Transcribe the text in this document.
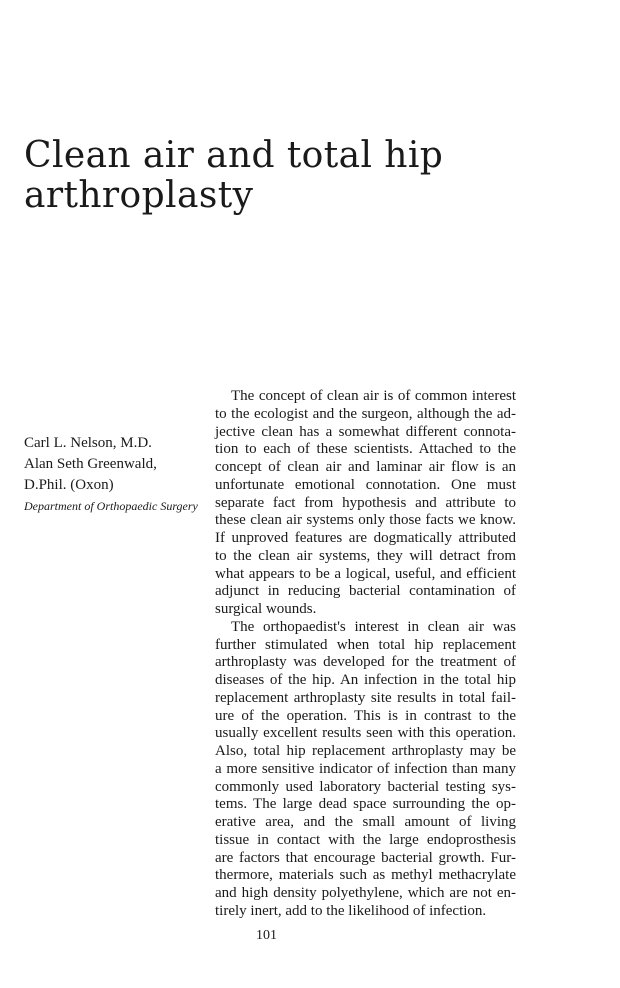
Clean air and total hip
arthroplasty
Carl L. Nelson, M.D.
Alan Seth Greenwald,
D.Phil. (Oxon)
Department of Orthopaedic Surgery
The concept of clean air is of common interest
to the ecologist and the surgeon, although the ad-
jective clean has a somewhat different connota-
tion to each of these scientists. Attached to the
concept of clean air and laminar air flow is an
unfortunate emotional connotation. One must
separate fact from hypothesis and attribute to
these clean air systems only those facts we know.
If unproved features are dogmatically attributed
to the clean air systems, they will detract from
what appears to be a logical, useful, and efficient
adjunct in reducing bacterial contamination of
surgical wounds.
The orthopaedist's interest in clean air was
further stimulated when total hip replacement
arthroplasty was developed for the treatment of
diseases of the hip. An infection in the total hip
replacement arthroplasty site results in total fail-
ure of the operation. This is in contrast to the
usually excellent results seen with this operation.
Also, total hip replacement arthroplasty may be
a more sensitive indicator of infection than many
commonly used laboratory bacterial testing sys-
tems. The large dead space surrounding the op-
erative area, and the small amount of living
tissue in contact with the large endoprosthesis
are factors that encourage bacterial growth. Fur-
thermore, materials such as methyl methacrylate
and high density polyethylene, which are not en-
tirely inert, add to the likelihood of infection.
101
